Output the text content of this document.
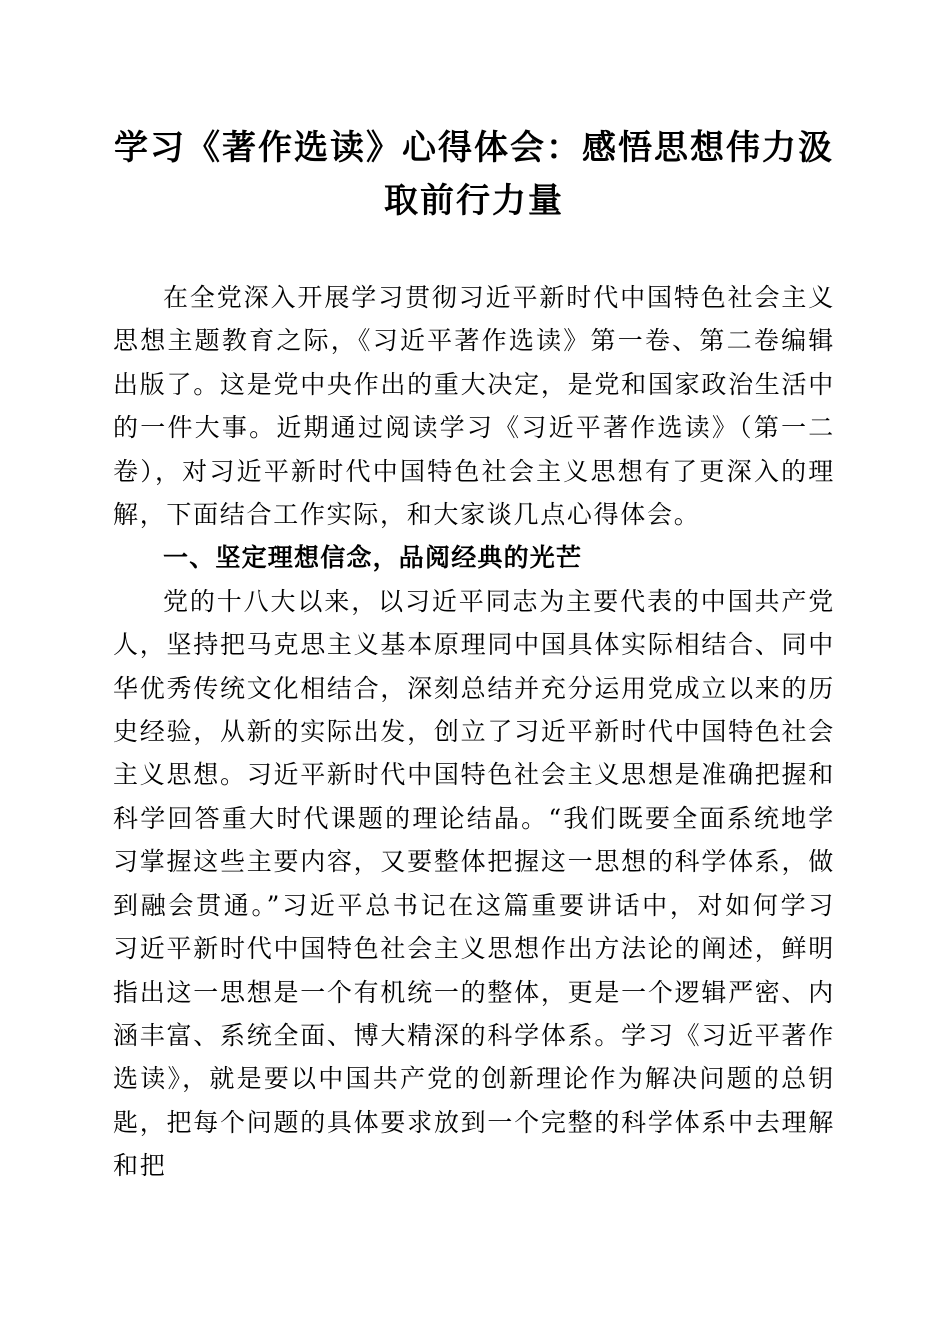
学习《著作选读》心得体会：感悟思想伟力汲取前行力量

在全党深入开展学习贯彻习近平新时代中国特色社会主义思想主题教育之际，《习近平著作选读》第一卷、第二卷编辑出版了。这是党中央作出的重大决定，是党和国家政治生活中的一件大事。近期通过阅读学习《习近平著作选读》（第一二卷），对习近平新时代中国特色社会主义思想有了更深入的理解，下面结合工作实际，和大家谈几点心得体会。

一、坚定理想信念，品阅经典的光芒

党的十八大以来，以习近平同志为主要代表的中国共产党人，坚持把马克思主义基本原理同中国具体实际相结合、同中华优秀传统文化相结合，深刻总结并充分运用党成立以来的历史经验，从新的实际出发，创立了习近平新时代中国特色社会主义思想。习近平新时代中国特色社会主义思想是准确把握和科学回答重大时代课题的理论结晶。“我们既要全面系统地学习掌握这些主要内容，又要整体把握这一思想的科学体系，做到融会贯通。”习近平总书记在这篇重要讲话中，对如何学习习近平新时代中国特色社会主义思想作出方法论的阐述，鲜明指出这一思想是一个有机统一的整体，更是一个逻辑严密、内涵丰富、系统全面、博大精深的科学体系。学习《习近平著作选读》，就是要以中国共产党的创新理论作为解决问题的总钥匙，把每个问题的具体要求放到一个完整的科学体系中去理解和把
